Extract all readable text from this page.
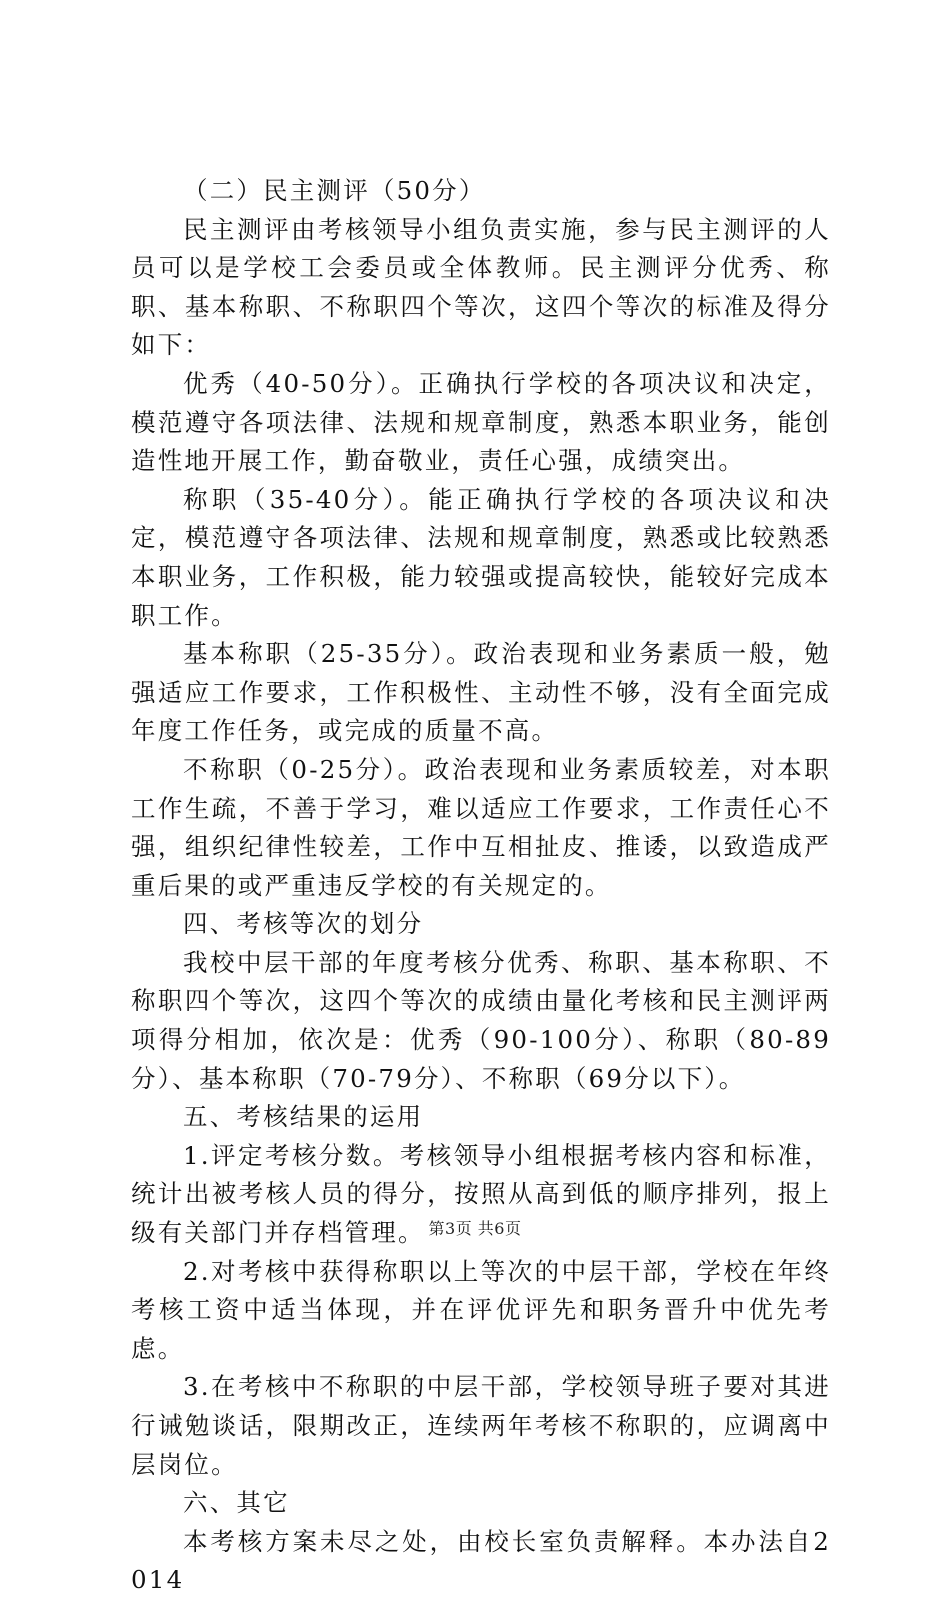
（二）民主测评（50分）

民主测评由考核领导小组负责实施，参与民主测评的人员可以是学校工会委员或全体教师。民主测评分优秀、称职、基本称职、不称职四个等次，这四个等次的标准及得分如下：

优秀（40-50分）。正确执行学校的各项决议和决定，模范遵守各项法律、法规和规章制度，熟悉本职业务，能创造性地开展工作，勤奋敬业，责任心强，成绩突出。

称职（35-40分）。能正确执行学校的各项决议和决定，模范遵守各项法律、法规和规章制度，熟悉或比较熟悉本职业务，工作积极，能力较强或提高较快，能较好完成本职工作。

基本称职（25-35分）。政治表现和业务素质一般，勉强适应工作要求，工作积极性、主动性不够，没有全面完成年度工作任务，或完成的质量不高。

不称职（0-25分）。政治表现和业务素质较差，对本职工作生疏，不善于学习，难以适应工作要求，工作责任心不强，组织纪律性较差，工作中互相扯皮、推诿，以致造成严重后果的或严重违反学校的有关规定的。

四、考核等次的划分

我校中层干部的年度考核分优秀、称职、基本称职、不称职四个等次，这四个等次的成绩由量化考核和民主测评两项得分相加，依次是：优秀（90-100分）、称职（80-89分）、基本称职（70-79分）、不称职（69分以下）。

五、考核结果的运用

1.评定考核分数。考核领导小组根据考核内容和标准，统计出被考核人员的得分，按照从高到低的顺序排列，报上级有关部门并存档管理。

2.对考核中获得称职以上等次的中层干部，学校在年终考核工资中适当体现，并在评优评先和职务晋升中优先考虑。

3.在考核中不称职的中层干部，学校领导班子要对其进行诫勉谈话，限期改正，连续两年考核不称职的，应调离中层岗位。

六、其它

本考核方案未尽之处，由校长室负责解释。本办法自2014

第3页 共6页
